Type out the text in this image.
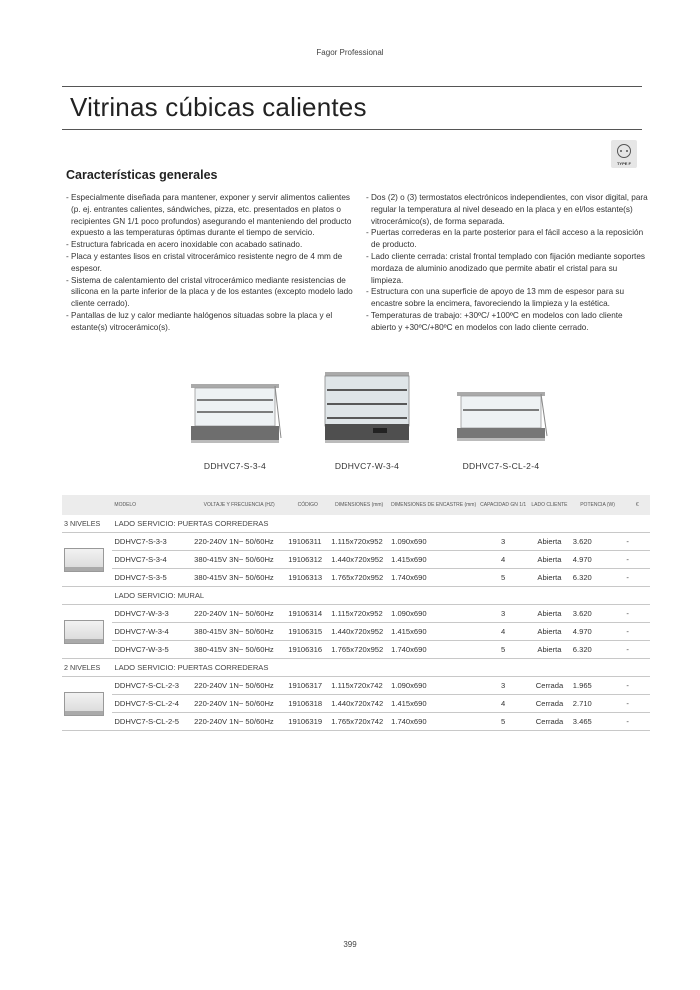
Fagor Professional
Vitrinas cúbicas calientes
TYPE F
Características generales
- Especialmente diseñada para mantener, exponer y servir alimentos calientes (p. ej. entrantes calientes, sándwiches, pizza, etc. presentados en platos o recipientes GN 1/1 poco profundos) asegurando el manteniendo del producto expuesto a las temperaturas óptimas durante el tiempo de servicio.
- Estructura fabricada en acero inoxidable con acabado satinado.
- Placa y estantes lisos en cristal vitrocerámico resistente negro de 4 mm de espesor.
- Sistema de calentamiento del cristal vitrocerámico mediante resistencias de silicona en la parte inferior de la placa y de los estantes (excepto modelo lado cliente cerrado).
- Pantallas de luz y calor mediante halógenos situadas sobre la placa y el estante(s) vitrocerámico(s).
- Dos (2) o (3) termostatos electrónicos independientes, con visor digital, para regular la temperatura al nivel deseado en la placa y en el/los estante(s) vitrocerámico(s), de forma separada.
- Puertas correderas en la parte posterior para el fácil acceso a la reposición de producto.
- Lado cliente cerrada: cristal frontal templado con fijación mediante soportes mordaza de aluminio anodizado que permite abatir el cristal para su limpieza.
- Estructura con una superficie de apoyo de 13 mm de espesor para su encastre sobre la encimera, favoreciendo la limpieza y la estética.
- Temperaturas de trabajo: +30ºC/ +100ºC en modelos con lado cliente abierto y +30ºC/+80ºC en modelos con lado cliente cerrado.
DDHVC7-S-3-4	DDHVC7-W-3-4	DDHVC7-S-CL-2-4
	MODELO	VOLTAJE Y FRECUENCIA (HZ)	CÓDIGO	DIMENSIONES (mm)	DIMENSIONES DE ENCASTRE (mm)	CAPACIDAD GN 1/1	LADO CLIENTE	POTENCIA (W)	€
3 NIVELES	LADO SERVICIO: PUERTAS CORREDERAS								

	DDHVC7-S-3-3	220-240V 1N~ 50/60Hz	19106311	1.115x720x952	1.090x690	3	Abierta	3.620	-
	DDHVC7-S-3-4	380-415V 3N~ 50/60Hz	19106312	1.440x720x952	1.415x690	4	Abierta	4.970	-
	DDHVC7-S-3-5	380-415V 3N~ 50/60Hz	19106313	1.765x720x952	1.740x690	5	Abierta	6.320	-
	LADO SERVICIO: MURAL								

	DDHVC7-W-3-3	220-240V 1N~ 50/60Hz	19106314	1.115x720x952	1.090x690	3	Abierta	3.620	-
	DDHVC7-W-3-4	380-415V 3N~ 50/60Hz	19106315	1.440x720x952	1.415x690	4	Abierta	4.970	-
	DDHVC7-W-3-5	380-415V 3N~ 50/60Hz	19106316	1.765x720x952	1.740x690	5	Abierta	6.320	-
2 NIVELES	LADO SERVICIO: PUERTAS CORREDERAS								

	DDHVC7-S-CL-2-3	220-240V 1N~ 50/60Hz	19106317	1.115x720x742	1.090x690	3	Cerrada	1.965	-
	DDHVC7-S-CL-2-4	220-240V 1N~ 50/60Hz	19106318	1.440x720x742	1.415x690	4	Cerrada	2.710	-
	DDHVC7-S-CL-2-5	220-240V 1N~ 50/60Hz	19106319	1.765x720x742	1.740x690	5	Cerrada	3.465	-
399
